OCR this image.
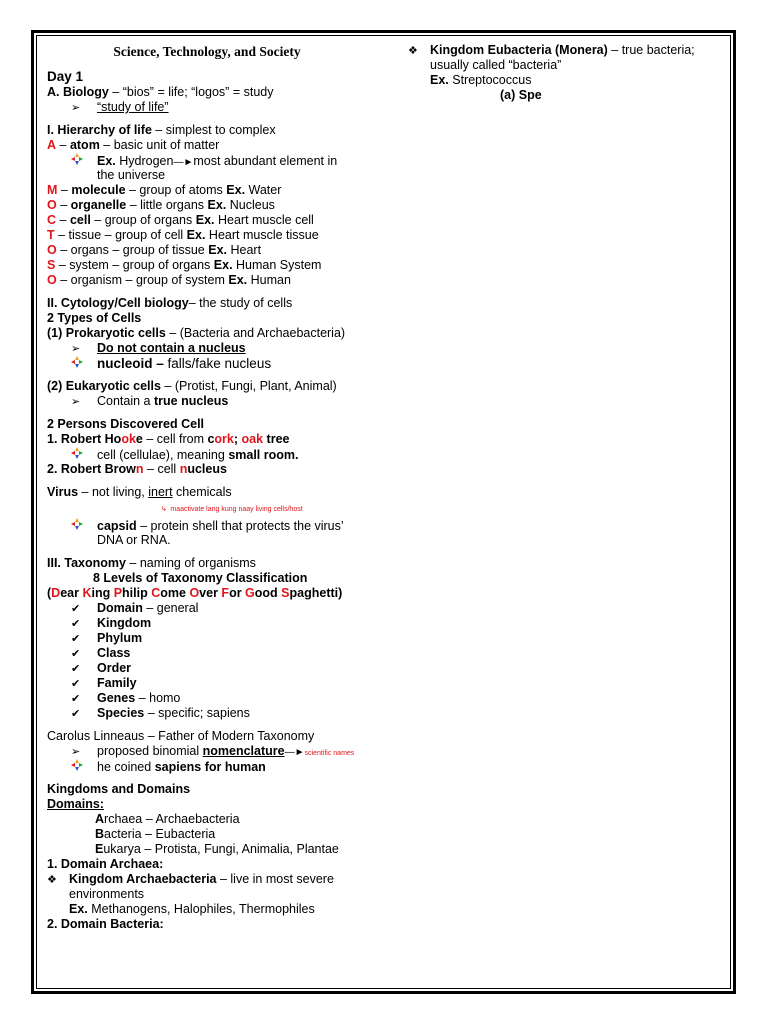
Science, Technology, and Society
Day 1
A. Biology – “bios” = life; “logos” = study
➢ “study of life”
I. Hierarchy of life – simplest to complex
A – atom – basic unit of matter
Ex. Hydrogen—►most abundant element in
the universe
M – molecule – group of atoms Ex. Water
O – organelle – little organs Ex. Nucleus
C – cell – group of organs Ex. Heart muscle cell
T – tissue – group of cell Ex. Heart muscle tissue
O – organs – group of tissue Ex. Heart
S – system – group of organs Ex. Human System
O – organism – group of system Ex. Human
II. Cytology/Cell biology– the study of cells
2 Types of Cells
(1) Prokaryotic cells – (Bacteria and Archaebacteria)
➢ Do not contain a nucleus
nucleoid – falls/fake nucleus
(2) Eukaryotic cells – (Protist, Fungi, Plant, Animal)
➢ Contain a true nucleus
2 Persons Discovered Cell
1. Robert Hooke – cell from cork; oak tree
cell (cellulae), meaning small room.
2. Robert Brown – cell nucleus
Virus – not living, inert chemicals
↳ maactivate lang kung naay living cells/host
capsid – protein shell that protects the virus’
DNA or RNA.
III. Taxonomy – naming of organisms
8 Levels of Taxonomy Classification
(Dear King Philip Come Over For Good Spaghetti)
✔ Domain – general
✔ Kingdom
✔ Phylum
✔ Class
✔ Order
✔ Family
✔ Genes – homo
✔ Species – specific; sapiens
Carolus Linneaus – Father of Modern Taxonomy
➢ proposed binomial nomenclature—►scientific names
he coined sapiens for human
Kingdoms and Domains
Domains:
Archaea – Archaebacteria
Bacteria – Eubacteria
Eukarya – Protista, Fungi, Animalia, Plantae
1. Domain Archaea:
❖ Kingdom Archaebacteria – live in most severe
environments
Ex. Methanogens, Halophiles, Thermophiles
2. Domain Bacteria:
❖ Kingdom Eubacteria (Monera) – true bacteria;
usually called “bacteria”
Ex. Streptococcus
(a) Spe
